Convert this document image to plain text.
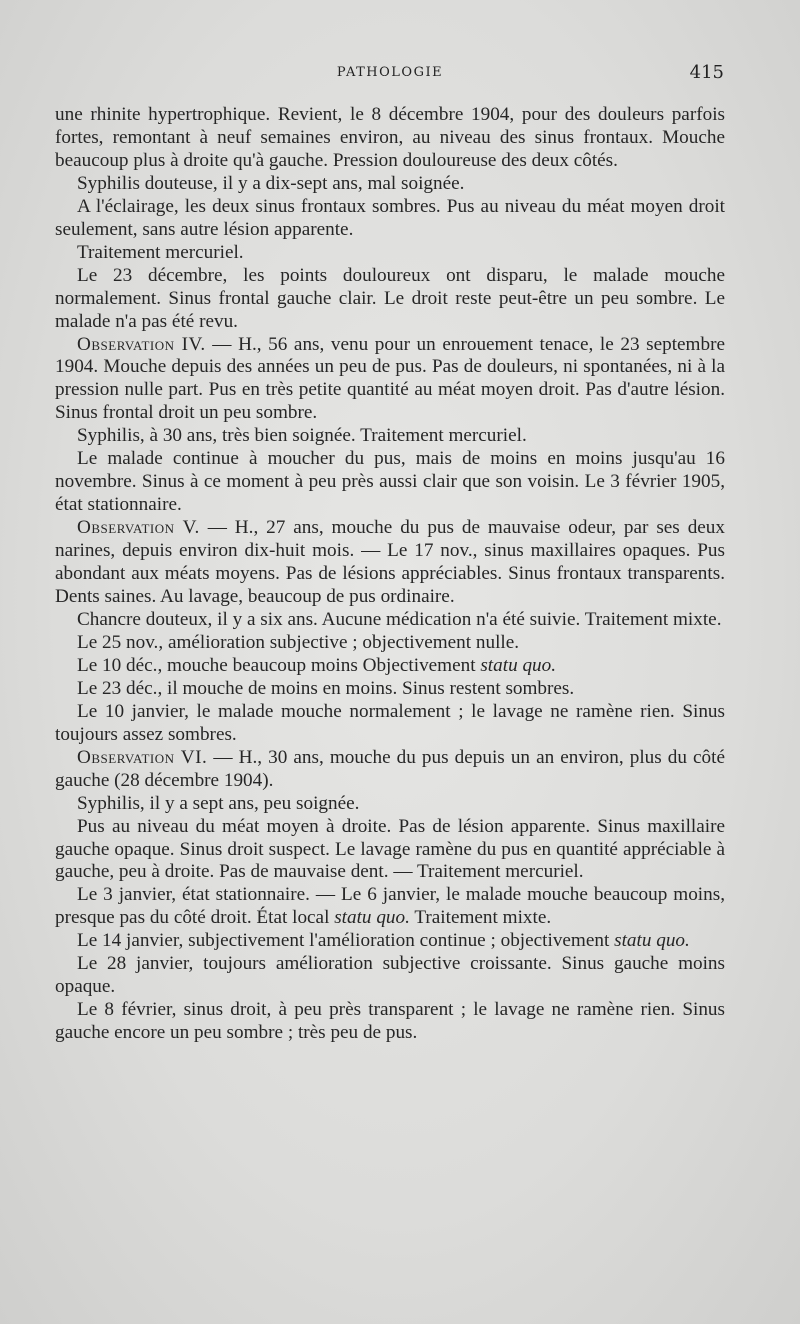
PATHOLOGIE	415

une rhinite hypertrophique. Revient, le 8 décembre 1904, pour des douleurs parfois fortes, remontant à neuf semaines environ, au niveau des sinus frontaux. Mouche beaucoup plus à droite qu'à gauche. Pression douloureuse des deux côtés.

Syphilis douteuse, il y a dix-sept ans, mal soignée.

A l'éclairage, les deux sinus frontaux sombres. Pus au niveau du méat moyen droit seulement, sans autre lésion apparente.

Traitement mercuriel.

Le 23 décembre, les points douloureux ont disparu, le malade mouche normalement. Sinus frontal gauche clair. Le droit reste peut-être un peu sombre. Le malade n'a pas été revu.

Observation IV. — H., 56 ans, venu pour un enrouement tenace, le 23 septembre 1904. Mouche depuis des années un peu de pus. Pas de douleurs, ni spontanées, ni à la pression nulle part. Pus en très petite quantité au méat moyen droit. Pas d'autre lésion. Sinus frontal droit un peu sombre.

Syphilis, à 30 ans, très bien soignée. Traitement mercuriel.

Le malade continue à moucher du pus, mais de moins en moins jusqu'au 16 novembre. Sinus à ce moment à peu près aussi clair que son voisin. Le 3 février 1905, état stationnaire.

Observation V. — H., 27 ans, mouche du pus de mauvaise odeur, par ses deux narines, depuis environ dix-huit mois. — Le 17 nov., sinus maxillaires opaques. Pus abondant aux méats moyens. Pas de lésions appréciables. Sinus frontaux transparents. Dents saines. Au lavage, beaucoup de pus ordinaire.

Chancre douteux, il y a six ans. Aucune médication n'a été suivie. Traitement mixte.

Le 25 nov., amélioration subjective ; objectivement nulle.

Le 10 déc., mouche beaucoup moins Objectivement statu quo.

Le 23 déc., il mouche de moins en moins. Sinus restent sombres.

Le 10 janvier, le malade mouche normalement ; le lavage ne ramène rien. Sinus toujours assez sombres.

Observation VI. — H., 30 ans, mouche du pus depuis un an environ, plus du côté gauche (28 décembre 1904).

Syphilis, il y a sept ans, peu soignée.

Pus au niveau du méat moyen à droite. Pas de lésion apparente. Sinus maxillaire gauche opaque. Sinus droit suspect. Le lavage ramène du pus en quantité appréciable à gauche, peu à droite. Pas de mauvaise dent. — Traitement mercuriel.

Le 3 janvier, état stationnaire. — Le 6 janvier, le malade mouche beaucoup moins, presque pas du côté droit. État local statu quo. Traitement mixte.

Le 14 janvier, subjectivement l'amélioration continue ; objectivement statu quo.

Le 28 janvier, toujours amélioration subjective croissante. Sinus gauche moins opaque.

Le 8 février, sinus droit, à peu près transparent ; le lavage ne ramène rien. Sinus gauche encore un peu sombre ; très peu de pus.
